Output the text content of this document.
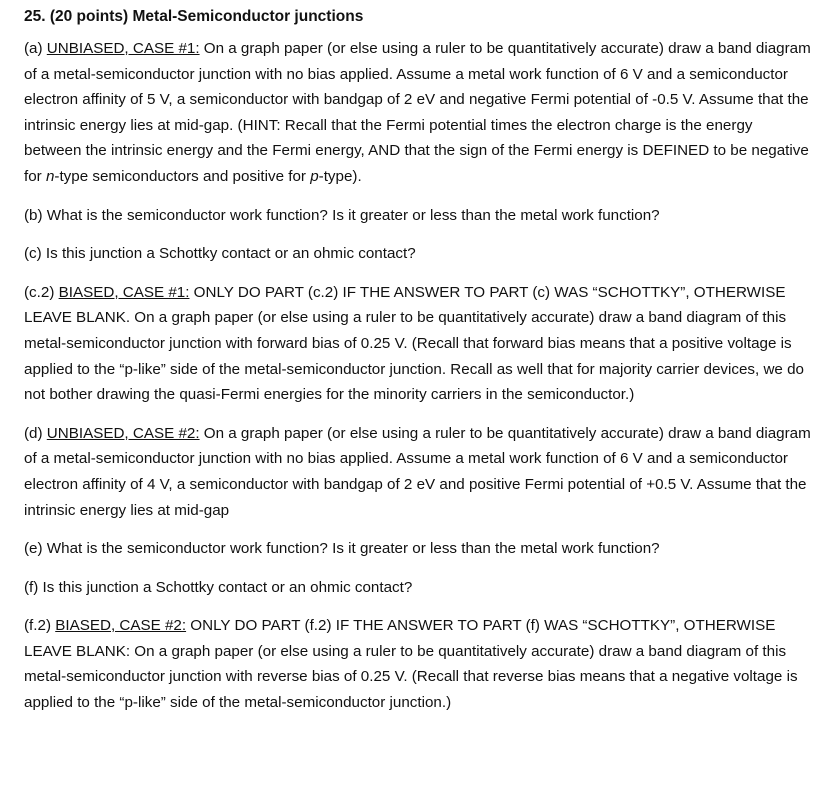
25. (20 points) Metal-Semiconductor junctions

(a) UNBIASED, CASE #1: On a graph paper (or else using a ruler to be quantitatively accurate) draw a band diagram of a metal-semiconductor junction with no bias applied. Assume a metal work function of 6 V and a semiconductor electron affinity of 5 V, a semiconductor with bandgap of 2 eV and negative Fermi potential of -0.5 V. Assume that the intrinsic energy lies at mid-gap. (HINT: Recall that the Fermi potential times the electron charge is the energy between the intrinsic energy and the Fermi energy, AND that the sign of the Fermi energy is DEFINED to be negative for n-type semiconductors and positive for p-type).

(b) What is the semiconductor work function? Is it greater or less than the metal work function?

(c) Is this junction a Schottky contact or an ohmic contact?

(c.2) BIASED, CASE #1: ONLY DO PART (c.2) IF THE ANSWER TO PART (c) WAS “SCHOTTKY”, OTHERWISE LEAVE BLANK. On a graph paper (or else using a ruler to be quantitatively accurate) draw a band diagram of this metal-semiconductor junction with forward bias of 0.25 V. (Recall that forward bias means that a positive voltage is applied to the “p-like” side of the metal-semiconductor junction. Recall as well that for majority carrier devices, we do not bother drawing the quasi-Fermi energies for the minority carriers in the semiconductor.)

(d) UNBIASED, CASE #2: On a graph paper (or else using a ruler to be quantitatively accurate) draw a band diagram of a metal-semiconductor junction with no bias applied. Assume a metal work function of 6 V and a semiconductor electron affinity of 4 V, a semiconductor with bandgap of 2 eV and positive Fermi potential of +0.5 V. Assume that the intrinsic energy lies at mid-gap

(e) What is the semiconductor work function? Is it greater or less than the metal work function?

(f) Is this junction a Schottky contact or an ohmic contact?

(f.2) BIASED, CASE #2: ONLY DO PART (f.2) IF THE ANSWER TO PART (f) WAS “SCHOTTKY”, OTHERWISE LEAVE BLANK: On a graph paper (or else using a ruler to be quantitatively accurate) draw a band diagram of this metal-semiconductor junction with reverse bias of 0.25 V. (Recall that reverse bias means that a negative voltage is applied to the “p-like” side of the metal-semiconductor junction.)
